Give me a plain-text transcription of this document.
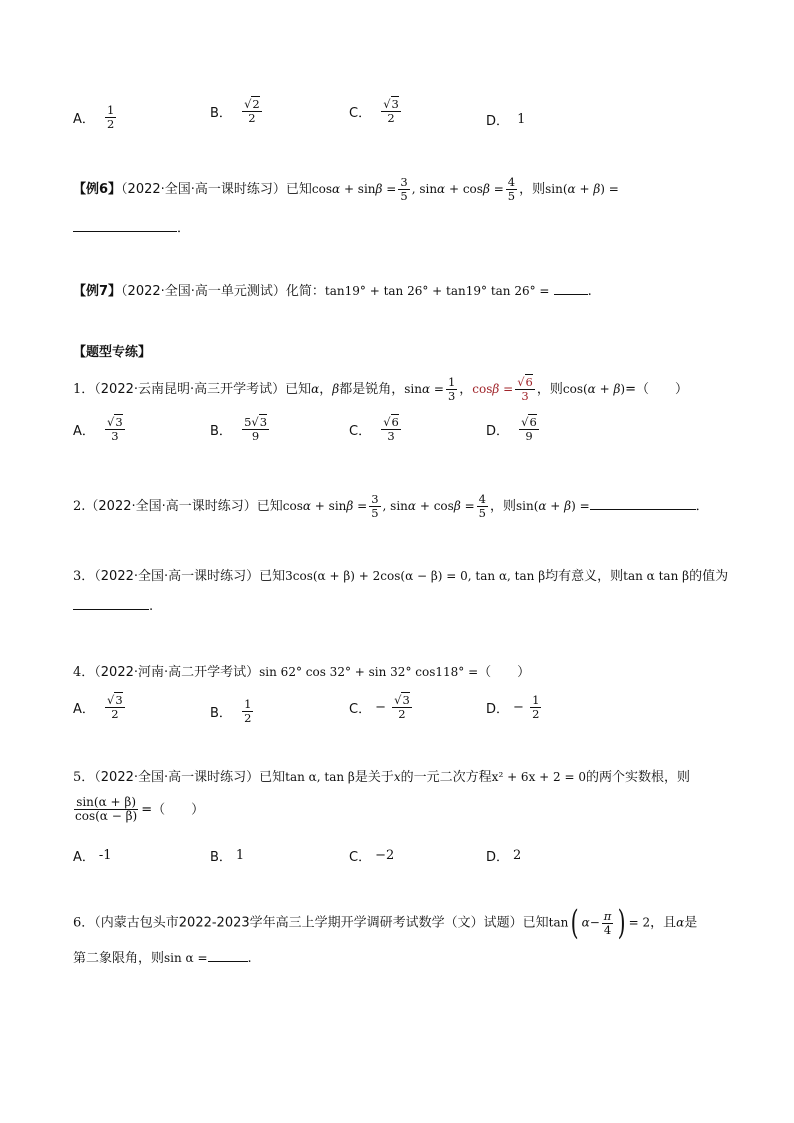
A． $\frac{1}{2}$	B． $\frac{√2}{2}$	C． $\frac{√3}{2}$	D． 1
【例6】（2022·全国·高一课时练习）已知$\cos\alpha + \sin\beta = \frac{3}{5}$ , $\sin\alpha + \cos\beta = \frac{4}{5}$ ，则sin(α + β) =
．
【例7】（2022·全国·高一单元测试）化简：tan19° + tan 26° + tan19° tan 26° =	.
【题型专练】
1．（2022·云南昆明·高三开学考试）已知α，β都是锐角，$\sin\alpha = \frac{1}{3}$ ，$\cos\beta = \frac{√6}{3}$ ，则cos(α + β)=（　　）
A． $\frac{√3}{3}$	B． $\frac{5√3}{9}$	C． $\frac{√6}{3}$	D． $\frac{√6}{9}$
2.（2022·全国·高一课时练习）已知$\cos\alpha + \sin\beta = \frac{3}{5}$ , $\sin\alpha + \cos\beta = \frac{4}{5}$ ，则sin(α + β) =	．
3．（2022·全国·高一课时练习）已知3cos(α + β) + 2cos(α − β) = 0, tan α, tan β均有意义，则tan α tan β的值为
.
4．（2022·河南·高二开学考试）sin 62° cos 32° + sin 32° cos118° =（　　）
A． $\frac{√3}{2}$	B． $\frac{1}{2}$	C． − $\frac{√3}{2}$	D． − $\frac{1}{2}$
5．（2022·全国·高一课时练习）已知tan α, tan β是关于x的一元二次方程x² + 6x + 2 = 0的两个实数根，则
$\frac{\sin(\alpha + \beta)}{\cos(\alpha - \beta)}$ =（　　）
A． -1	B． 1	C． −2	D． 2
6．（内蒙古包头市2022-2023学年高三上学期开学调研考试数学（文）试题）已知tan( $\alpha- \frac{\pi}{4}$ ) = 2，且α是
第二象限角，则sin α =	.
